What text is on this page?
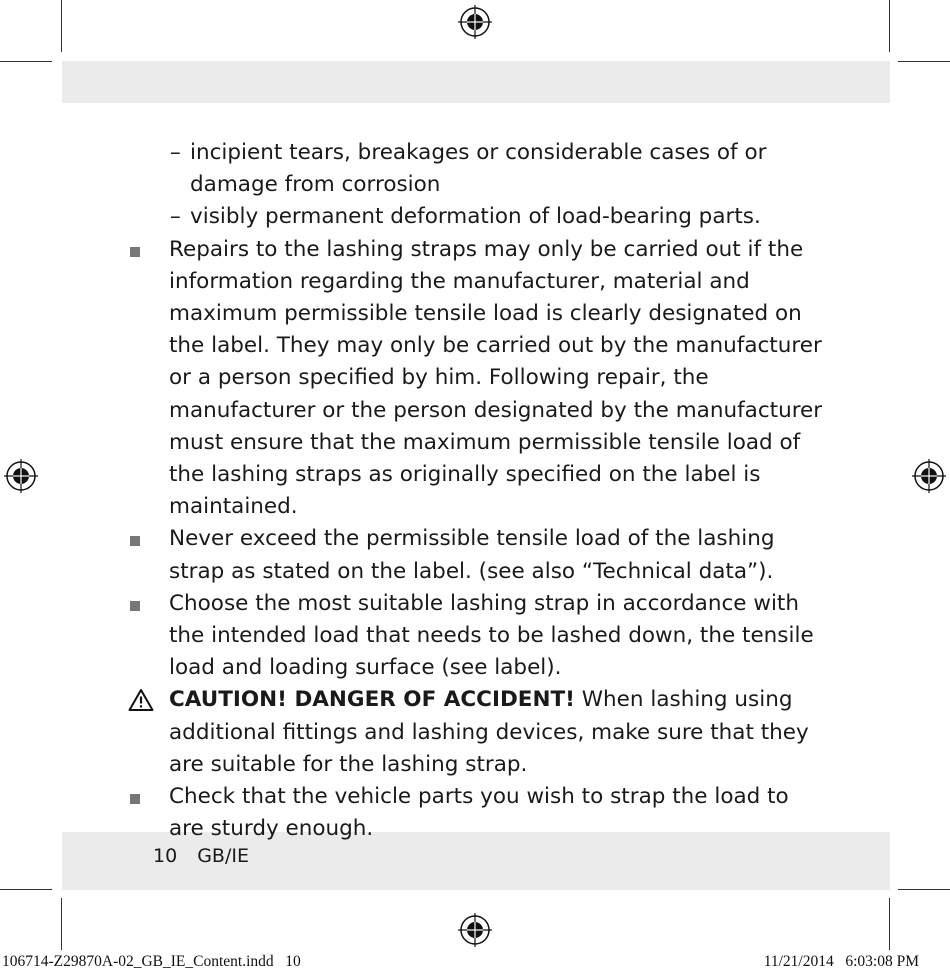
– incipient tears, breakages or considerable cases of or damage from corrosion
– visibly permanent deformation of load-bearing parts.
Repairs to the lashing straps may only be carried out if the information regarding the manufacturer, material and maximum permissible tensile load is clearly designated on the label. They may only be carried out by the manufacturer or a person specified by him. Following repair, the manufacturer or the person designated by the manufacturer must ensure that the maximum permissible tensile load of the lashing straps as originally specified on the label is maintained.
Never exceed the permissible tensile load of the lashing strap as stated on the label. (see also “Technical data”).
Choose the most suitable lashing strap in accordance with the intended load that needs to be lashed down, the tensile load and loading surface (see label).
CAUTION! DANGER OF ACCIDENT! When lashing using additional fittings and lashing devices, make sure that they are suitable for the lashing strap.
Check that the vehicle parts you wish to strap the load to are sturdy enough.
10 GB/IE
106714-Z29870A-02_GB_IE_Content.indd   10	11/21/2014   6:03:08 PM
